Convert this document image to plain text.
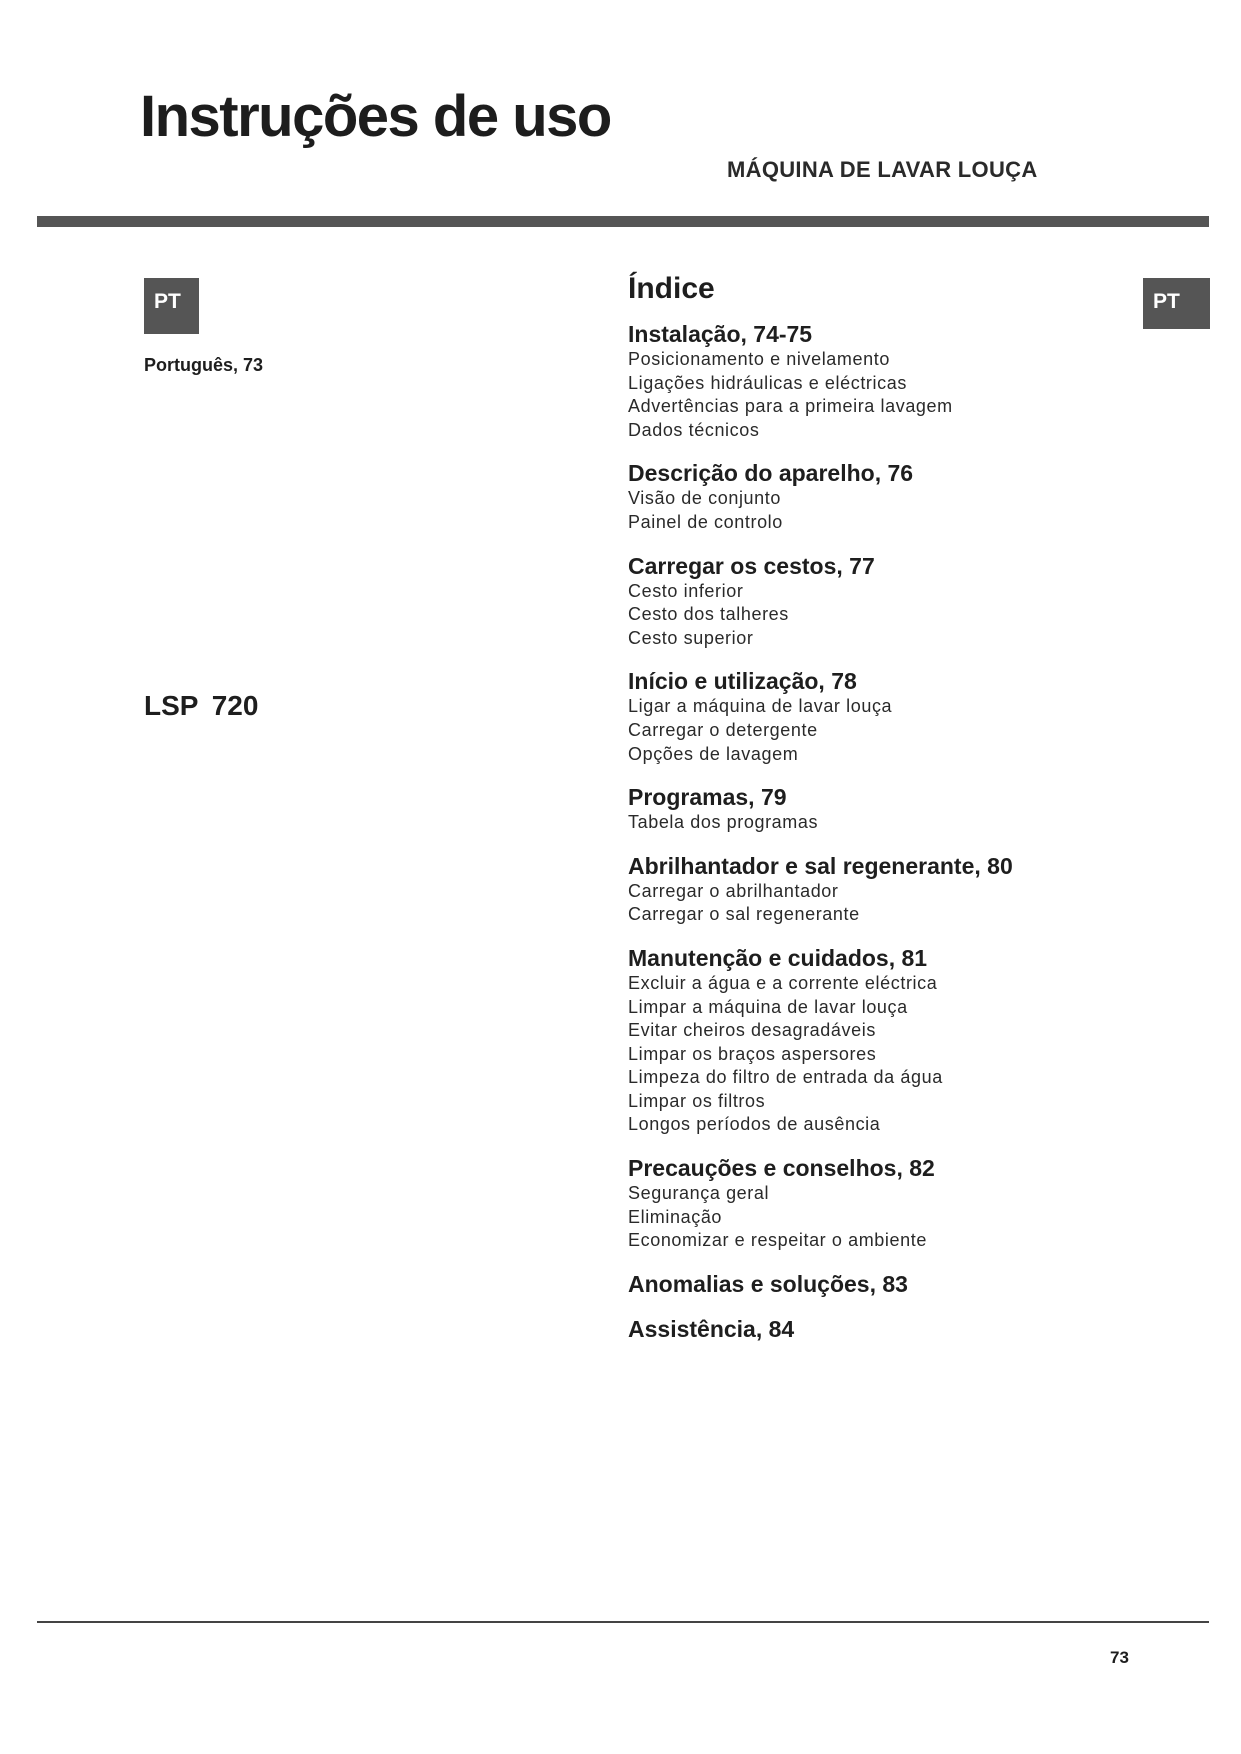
Instruções de uso
MÁQUINA DE LAVAR LOUÇA
PT
Português, 73
LSP 720
PT
Índice
Instalação, 74-75
Posicionamento e nivelamento
Ligações hidráulicas e eléctricas
Advertências para a primeira lavagem
Dados técnicos
Descrição do aparelho, 76
Visão de conjunto
Painel de controlo
Carregar os cestos, 77
Cesto inferior
Cesto dos talheres
Cesto superior
Início e utilização, 78
Ligar a máquina de lavar louça
Carregar o detergente
Opções de lavagem
Programas, 79
Tabela dos programas
Abrilhantador e sal regenerante, 80
Carregar o abrilhantador
Carregar o sal regenerante
Manutenção e cuidados, 81
Excluir a água e a corrente eléctrica
Limpar a máquina de lavar louça
Evitar cheiros desagradáveis
Limpar os braços aspersores
Limpeza do filtro de entrada da água
Limpar os filtros
Longos períodos de ausência
Precauções e conselhos, 82
Segurança geral
Eliminação
Economizar e respeitar o ambiente
Anomalias e soluções, 83
Assistência, 84
73
